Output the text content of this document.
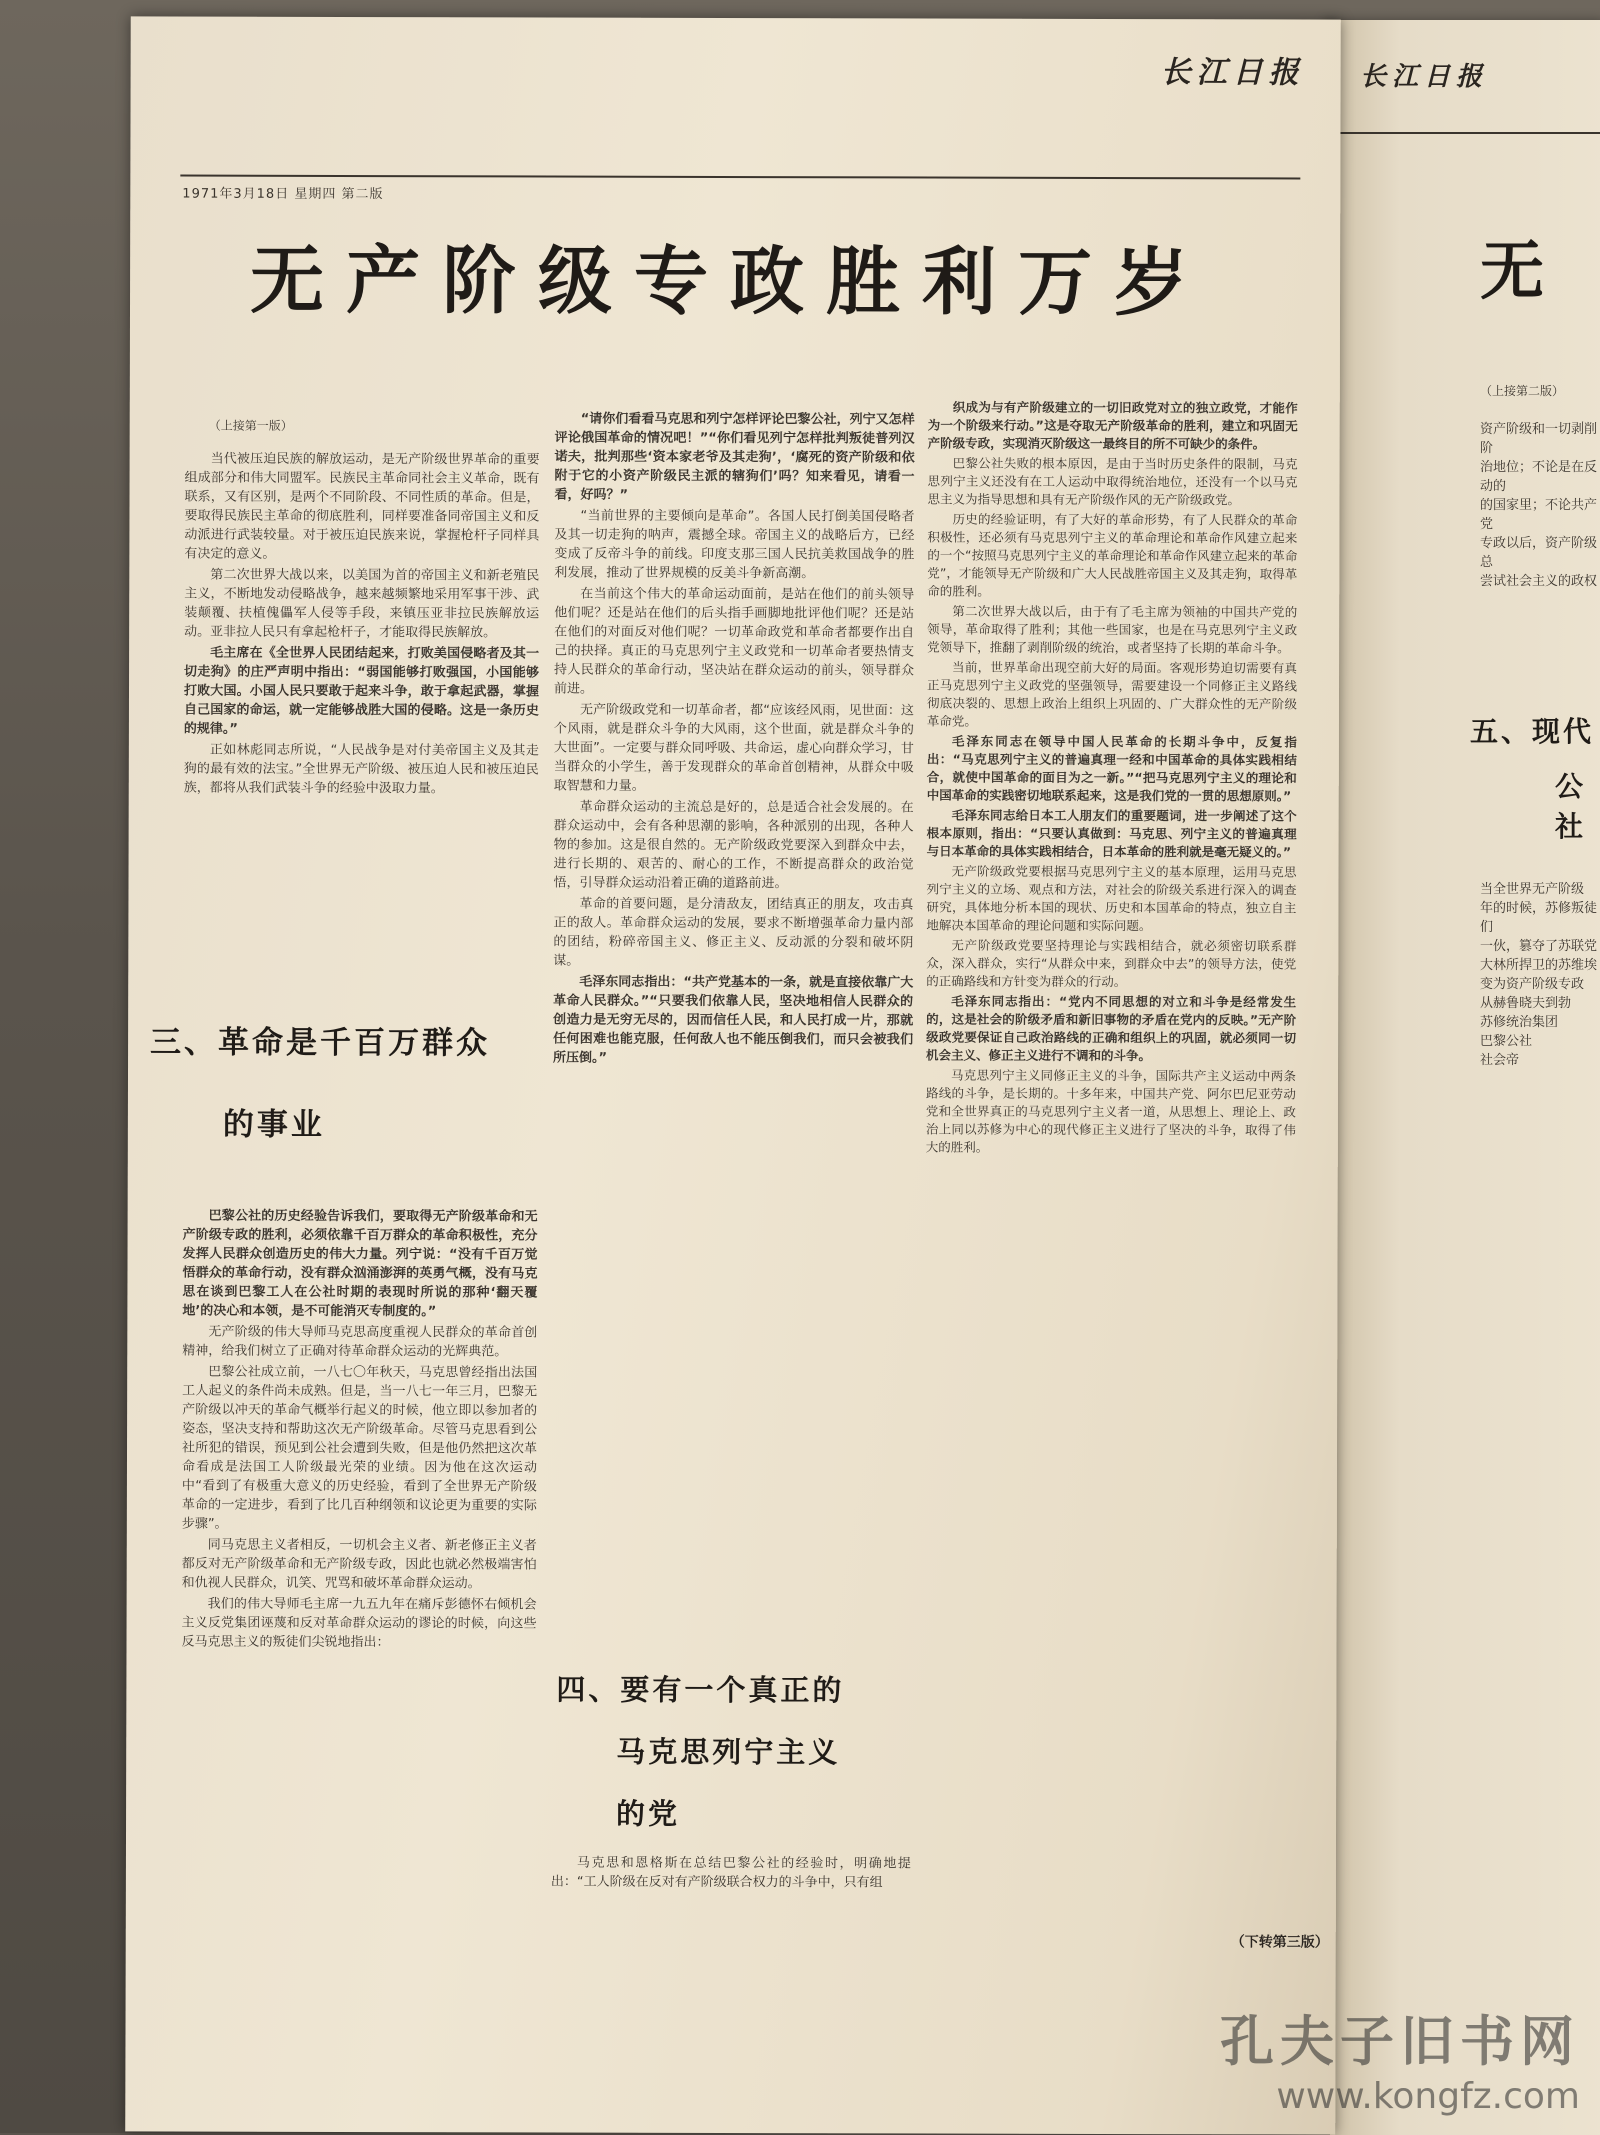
长江日报
无
（上接第二版）
资产阶级和一切剥削阶
治地位；不论是在反动的
的国家里；不论共产党
专政以后，资产阶级总
尝试社会主义的政权
五、现代
公社
当全世界无产阶级
年的时候，苏修叛徒们
一伙，篡夺了苏联党
大林所捍卫的苏维埃
变为资产阶级专政
从赫鲁晓夫到勃
苏修统治集团
巴黎公社
社会帝
长江日报
1971年3月18日 星期四 第二版
无产阶级专政胜利万岁
（上接第一版）

当代被压迫民族的解放运动，是无产阶级世界革命的重要组成部分和伟大同盟军。民族民主革命同社会主义革命，既有联系，又有区别，是两个不同阶段、不同性质的革命。但是，要取得民族民主革命的彻底胜利，同样要准备同帝国主义和反动派进行武装较量。对于被压迫民族来说，掌握枪杆子同样具有决定的意义。

第二次世界大战以来，以美国为首的帝国主义和新老殖民主义，不断地发动侵略战争，越来越频繁地采用军事干涉、武装颠覆、扶植傀儡军人侵等手段，来镇压亚非拉民族解放运动。亚非拉人民只有拿起枪杆子，才能取得民族解放。

毛主席在《全世界人民团结起来，打败美国侵略者及其一切走狗》的庄严声明中指出：“弱国能够打败强国，小国能够打败大国。小国人民只要敢于起来斗争，敢于拿起武器，掌握自己国家的命运，就一定能够战胜大国的侵略。这是一条历史的规律。”

正如林彪同志所说，“人民战争是对付美帝国主义及其走狗的最有效的法宝。”全世界无产阶级、被压迫人民和被压迫民族，都将从我们武装斗争的经验中汲取力量。

三、革命是千百万群众
的事业

巴黎公社的历史经验告诉我们，要取得无产阶级革命和无产阶级专政的胜利，必须依靠千百万群众的革命积极性，充分发挥人民群众创造历史的伟大力量。列宁说：“没有千百万觉悟群众的革命行动，没有群众汹涌澎湃的英勇气概，没有马克思在谈到巴黎工人在公社时期的表现时所说的那种‘翻天覆地’的决心和本领，是不可能消灭专制度的。”

无产阶级的伟大导师马克思高度重视人民群众的革命首创精神，给我们树立了正确对待革命群众运动的光辉典范。

巴黎公社成立前，一八七〇年秋天，马克思曾经指出法国工人起义的条件尚未成熟。但是，当一八七一年三月，巴黎无产阶级以冲天的革命气概举行起义的时候，他立即以参加者的姿态，坚决支持和帮助这次无产阶级革命。尽管马克思看到公社所犯的错误，预见到公社会遭到失败，但是他仍然把这次革命看成是法国工人阶级最光荣的业绩。因为他在这次运动中“看到了有极重大意义的历史经验，看到了全世界无产阶级革命的一定进步，看到了比几百种纲领和议论更为重要的实际步骤”。

同马克思主义者相反，一切机会主义者、新老修正主义者都反对无产阶级革命和无产阶级专政，因此也就必然极端害怕和仇视人民群众，讥笑、咒骂和破坏革命群众运动。

我们的伟大导师毛主席一九五九年在痛斥彭德怀右倾机会主义反党集团诬蔑和反对革命群众运动的谬论的时候，向这些反马克思主义的叛徒们尖锐地指出：

“请你们看看马克思和列宁怎样评论巴黎公社，列宁又怎样评论俄国革命的情况吧！”“你们看见列宁怎样批判叛徒普列汉诺夫，批判那些‘资本家老爷及其走狗’，‘腐死的资产阶级和依附于它的小资产阶级民主派的辖狗们’吗？知来看见，请看一看，好吗？”

“当前世界的主要倾向是革命”。各国人民打倒美国侵略者及其一切走狗的呐声，震撼全球。帝国主义的战略后方，已经变成了反帝斗争的前线。印度支那三国人民抗美救国战争的胜利发展，推动了世界规模的反美斗争新高潮。

在当前这个伟大的革命运动面前，是站在他们的前头领导他们呢？还是站在他们的后头指手画脚地批评他们呢？还是站在他们的对面反对他们呢？一切革命政党和革命者都要作出自己的抉择。真正的马克思列宁主义政党和一切革命者要热情支持人民群众的革命行动，坚决站在群众运动的前头，领导群众前进。

无产阶级政党和一切革命者，都“应该经风雨，见世面：这个风雨，就是群众斗争的大风雨，这个世面，就是群众斗争的大世面”。一定要与群众同呼吸、共命运，虚心向群众学习，甘当群众的小学生，善于发现群众的革命首创精神，从群众中吸取智慧和力量。

革命群众运动的主流总是好的，总是适合社会发展的。在群众运动中，会有各种思潮的影响，各种派别的出现，各种人物的参加。这是很自然的。无产阶级政党要深入到群众中去，进行长期的、艰苦的、耐心的工作，不断提高群众的政治觉悟，引导群众运动沿着正确的道路前进。

革命的首要问题，是分清敌友，团结真正的朋友，攻击真正的敌人。革命群众运动的发展，要求不断增强革命力量内部的团结，粉碎帝国主义、修正主义、反动派的分裂和破坏阴谋。

毛泽东同志指出：“共产党基本的一条，就是直接依靠广大革命人民群众。”“只要我们依靠人民，坚决地相信人民群众的创造力是无穷无尽的，因而信任人民，和人民打成一片，那就任何困难也能克服，任何敌人也不能压倒我们，而只会被我们所压倒。”

四、要有一个真正的
马克思列宁主义
的党

马克思和恩格斯在总结巴黎公社的经验时，明确地提出：“工人阶级在反对有产阶级联合权力的斗争中，只有组

织成为与有产阶级建立的一切旧政党对立的独立政党，才能作为一个阶级来行动。”这是夺取无产阶级革命的胜利，建立和巩固无产阶级专政，实现消灭阶级这一最终目的所不可缺少的条件。

巴黎公社失败的根本原因，是由于当时历史条件的限制，马克思列宁主义还没有在工人运动中取得统治地位，还没有一个以马克思主义为指导思想和具有无产阶级作风的无产阶级政党。

历史的经验证明，有了大好的革命形势，有了人民群众的革命积极性，还必须有马克思列宁主义的革命理论和革命作风建立起来的一个“按照马克思列宁主义的革命理论和革命作风建立起来的革命党”，才能领导无产阶级和广大人民战胜帝国主义及其走狗，取得革命的胜利。

第二次世界大战以后，由于有了毛主席为领袖的中国共产党的领导，革命取得了胜利；其他一些国家，也是在马克思列宁主义政党领导下，推翻了剥削阶级的统治，或者坚持了长期的革命斗争。

当前，世界革命出现空前大好的局面。客观形势迫切需要有真正马克思列宁主义政党的坚强领导，需要建设一个同修正主义路线彻底决裂的、思想上政治上组织上巩固的、广大群众性的无产阶级革命党。

毛泽东同志在领导中国人民革命的长期斗争中，反复指出：“马克思列宁主义的普遍真理一经和中国革命的具体实践相结合，就使中国革命的面目为之一新。”“把马克思列宁主义的理论和中国革命的实践密切地联系起来，这是我们党的一贯的思想原则。”

毛泽东同志给日本工人朋友们的重要题词，进一步阐述了这个根本原则，指出：“只要认真做到：马克思、列宁主义的普遍真理与日本革命的具体实践相结合，日本革命的胜利就是毫无疑义的。”

无产阶级政党要根据马克思列宁主义的基本原理，运用马克思列宁主义的立场、观点和方法，对社会的阶级关系进行深入的调查研究，具体地分析本国的现状、历史和本国革命的特点，独立自主地解决本国革命的理论问题和实际问题。

无产阶级政党要坚持理论与实践相结合，就必须密切联系群众，深入群众，实行“从群众中来，到群众中去”的领导方法，使党的正确路线和方针变为群众的行动。

毛泽东同志指出：“党内不同思想的对立和斗争是经常发生的，这是社会的阶级矛盾和新旧事物的矛盾在党内的反映。”无产阶级政党要保证自己政治路线的正确和组织上的巩固，就必须同一切机会主义、修正主义进行不调和的斗争。

马克思列宁主义同修正主义的斗争，国际共产主义运动中两条路线的斗争，是长期的。十多年来，中国共产党、阿尔巴尼亚劳动党和全世界真正的马克思列宁主义者一道，从思想上、理论上、政治上同以苏修为中心的现代修正主义进行了坚决的斗争，取得了伟大的胜利。

（下转第三版）
孔夫子旧书网
www.kongfz.com
